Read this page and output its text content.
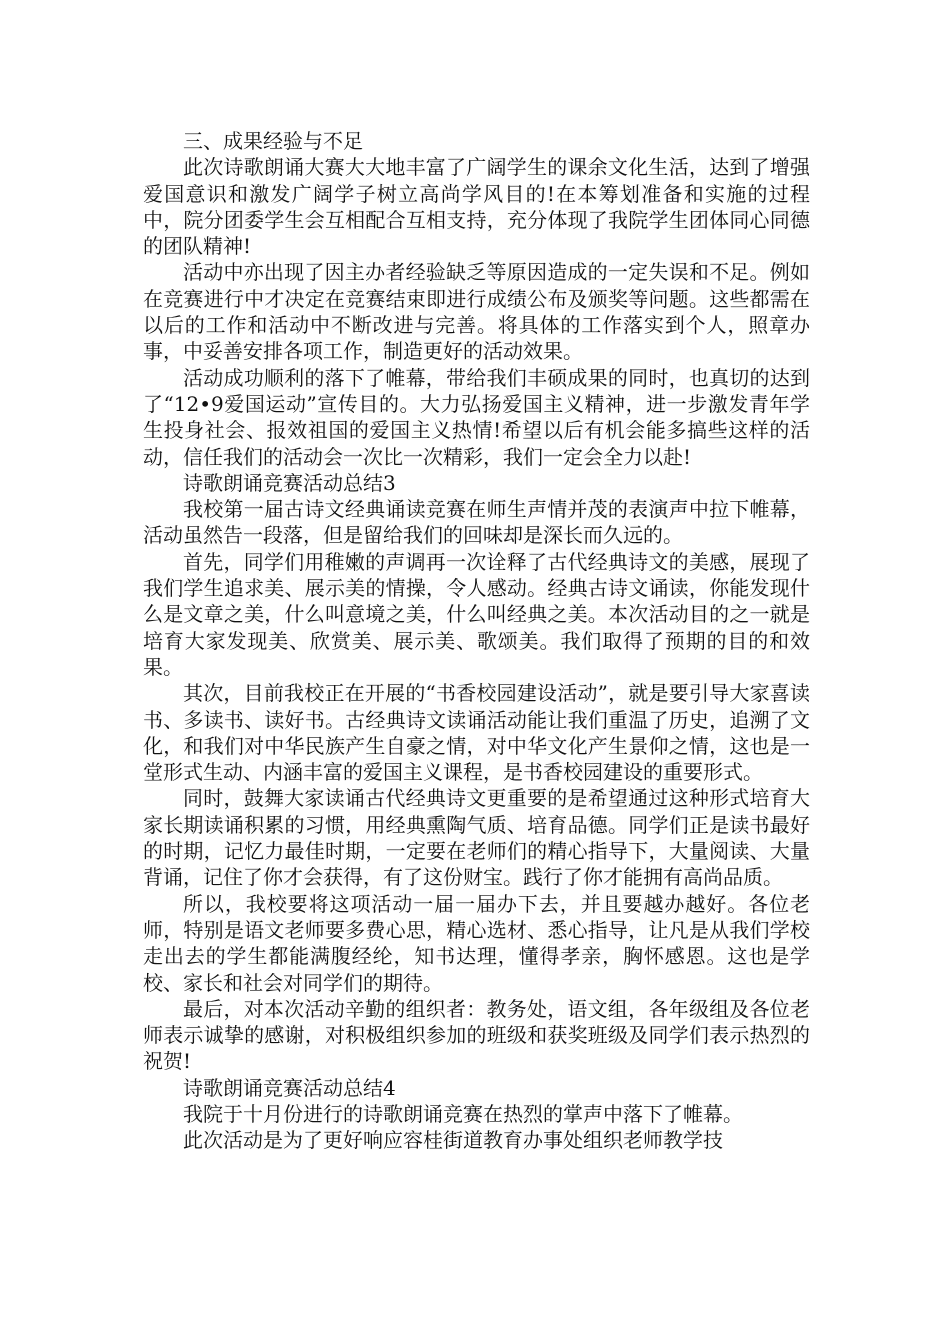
三、成果经验与不足

此次诗歌朗诵大赛大大地丰富了广阔学生的课余文化生活，达到了增强爱国意识和激发广阔学子树立高尚学风目的!在本筹划准备和实施的过程中，院分团委学生会互相配合互相支持，充分体现了我院学生团体同心同德的团队精神!

活动中亦出现了因主办者经验缺乏等原因造成的一定失误和不足。例如在竞赛进行中才决定在竞赛结束即进行成绩公布及颁奖等问题。这些都需在以后的工作和活动中不断改进与完善。将具体的工作落实到个人，照章办事，中妥善安排各项工作，制造更好的活动效果。

活动成功顺利的落下了帷幕，带给我们丰硕成果的同时，也真切的达到了“12•9爱国运动”宣传目的。大力弘扬爱国主义精神，进一步激发青年学生投身社会、报效祖国的爱国主义热情!希望以后有机会能多搞些这样的活动，信任我们的活动会一次比一次精彩，我们一定会全力以赴!

诗歌朗诵竞赛活动总结3

我校第一届古诗文经典诵读竞赛在师生声情并茂的表演声中拉下帷幕，活动虽然告一段落，但是留给我们的回味却是深长而久远的。

首先，同学们用稚嫩的声调再一次诠释了古代经典诗文的美感，展现了我们学生追求美、展示美的情操，令人感动。经典古诗文诵读，你能发现什么是文章之美，什么叫意境之美，什么叫经典之美。本次活动目的之一就是培育大家发现美、欣赏美、展示美、歌颂美。我们取得了预期的目的和效果。

其次，目前我校正在开展的“书香校园建设活动”，就是要引导大家喜读书、多读书、读好书。古经典诗文读诵活动能让我们重温了历史，追溯了文化，和我们对中华民族产生自豪之情，对中华文化产生景仰之情，这也是一堂形式生动、内涵丰富的爱国主义课程，是书香校园建设的重要形式。

同时，鼓舞大家读诵古代经典诗文更重要的是希望通过这种形式培育大家长期读诵积累的习惯，用经典熏陶气质、培育品德。同学们正是读书最好的时期，记忆力最佳时期，一定要在老师们的精心指导下，大量阅读、大量背诵，记住了你才会获得，有了这份财宝。践行了你才能拥有高尚品质。

所以，我校要将这项活动一届一届办下去，并且要越办越好。各位老师，特别是语文老师要多费心思，精心选材、悉心指导，让凡是从我们学校走出去的学生都能满腹经纶，知书达理，懂得孝亲，胸怀感恩。这也是学校、家长和社会对同学们的期待。

最后，对本次活动辛勤的组织者：教务处，语文组，各年级组及各位老师表示诚挚的感谢，对积极组织参加的班级和获奖班级及同学们表示热烈的祝贺!

诗歌朗诵竞赛活动总结4

我院于十月份进行的诗歌朗诵竞赛在热烈的掌声中落下了帷幕。

此次活动是为了更好响应容桂街道教育办事处组织老师教学技
